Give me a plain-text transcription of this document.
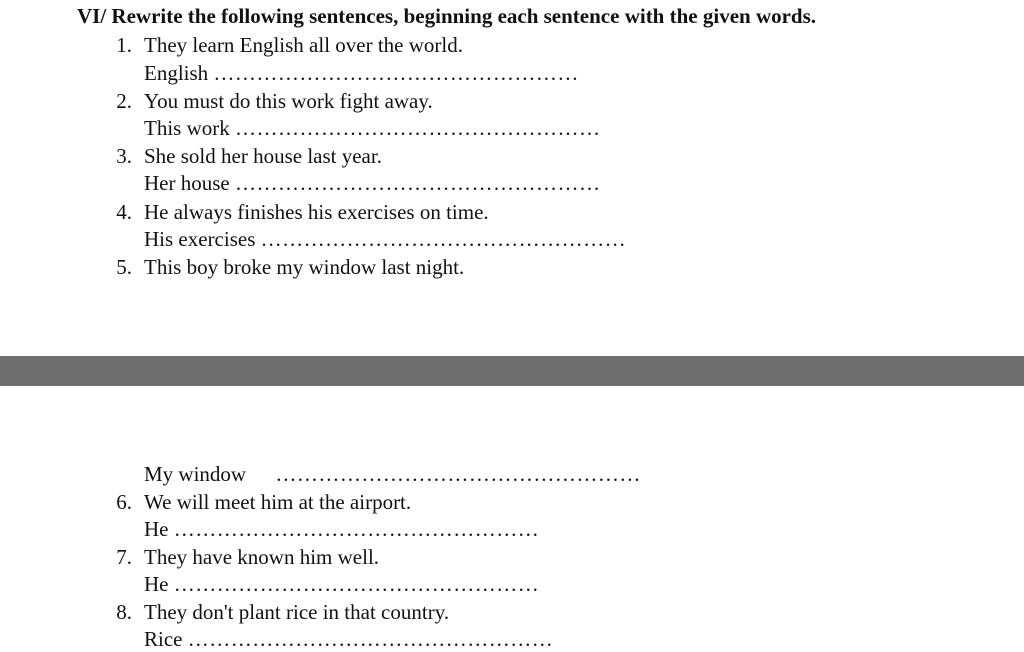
VI/ Rewrite the following sentences, beginning each sentence with the given words.
1. They learn English all over the world.
English ……………………………………………
2. You must do this work fight away.
This work ……………………………………………
3. She sold her house last year.
Her house ……………………………………………
4. He always finishes his exercises on time.
His exercises ……………………………………………
5. This boy broke my window last night.
My window ……………………………………………
6. We will meet him at the airport.
He ……………………………………………
7. They have known him well.
He ……………………………………………
8. They don't plant rice in that country.
Rice ……………………………………………
